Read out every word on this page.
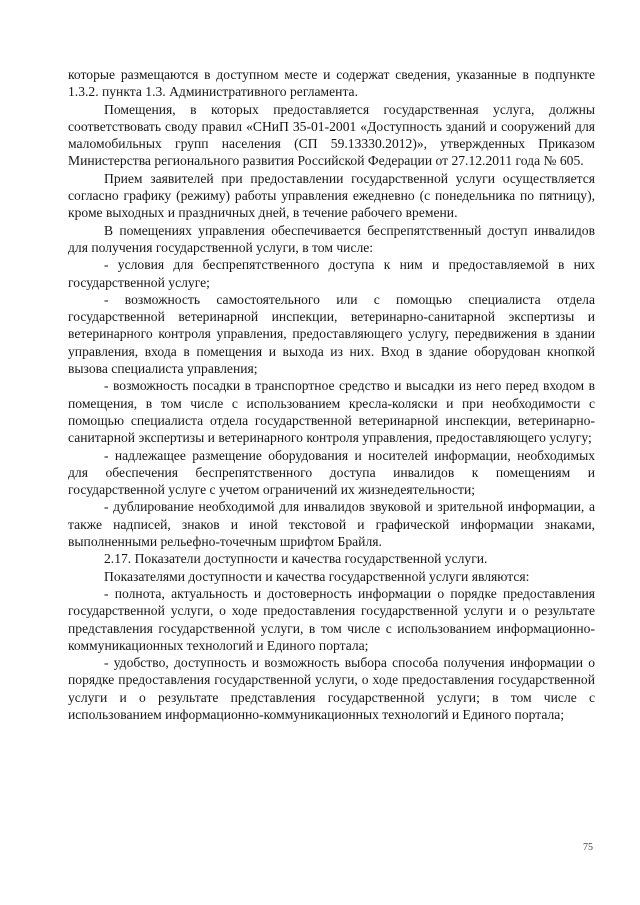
которые размещаются в доступном месте и содержат сведения, указанные в подпункте 1.3.2. пункта 1.3. Административного регламента.

Помещения, в которых предоставляется государственная услуга, должны соответствовать своду правил «СНиП 35-01-2001 «Доступность зданий и сооружений для маломобильных групп населения (СП 59.13330.2012)», утвержденных Приказом Министерства регионального развития Российской Федерации от 27.12.2011 года № 605.

Прием заявителей при предоставлении государственной услуги осуществляется согласно графику (режиму) работы управления ежедневно (с понедельника по пятницу), кроме выходных и праздничных дней, в течение рабочего времени.

В помещениях управления обеспечивается беспрепятственный доступ инвалидов для получения государственной услуги, в том числе:

- условия для беспрепятственного доступа к ним и предоставляемой в них государственной услуге;

- возможность самостоятельного или с помощью специалиста отдела государственной ветеринарной инспекции, ветеринарно-санитарной экспертизы и ветеринарного контроля управления, предоставляющего услугу, передвижения в здании управления, входа в помещения и выхода из них. Вход в здание оборудован кнопкой вызова специалиста управления;

- возможность посадки в транспортное средство и высадки из него перед входом в помещения, в том числе с использованием кресла-коляски и при необходимости с помощью специалиста отдела государственной ветеринарной инспекции, ветеринарно-санитарной экспертизы и ветеринарного контроля управления, предоставляющего услугу;

- надлежащее размещение оборудования и носителей информации, необходимых для обеспечения беспрепятственного доступа инвалидов к помещениям и государственной услуге с учетом ограничений их жизнедеятельности;

- дублирование необходимой для инвалидов звуковой и зрительной информации, а также надписей, знаков и иной текстовой и графической информации знаками, выполненными рельефно-точечным шрифтом Брайля.

2.17. Показатели доступности и качества государственной услуги.

Показателями доступности и качества государственной услуги являются:

- полнота, актуальность и достоверность информации о порядке предоставления государственной услуги, о ходе предоставления государственной услуги и о результате представления государственной услуги, в том числе с использованием информационно-коммуникационных технологий и Единого портала;

- удобство, доступность и возможность выбора способа получения информации о порядке предоставления государственной услуги, о ходе предоставления государственной услуги и о результате представления государственной услуги; в том числе с использованием информационно-коммуникационных технологий и Единого портала;

75
